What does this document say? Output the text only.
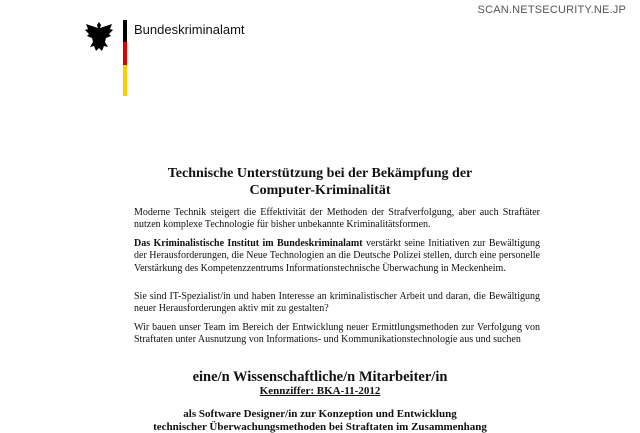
Bundeskriminalamt
SCAN.NETSECURITY.NE.JP
Technische Unterstützung bei der Bekämpfung der
Computer-Kriminalität

Moderne Technik steigert die Effektivität der Methoden der Strafverfolgung, aber auch Straftäter nutzen komplexe Technologie für bisher unbekannte Kriminalitätsformen.

Das Kriminalistische Institut im Bundeskriminalamt verstärkt seine Initiativen zur Bewältigung der Herausforderungen, die Neue Technologien an die Deutsche Polizei stellen, durch eine personelle Verstärkung des Kompetenzzentrums Informationstechnische Überwachung in Meckenheim.

Sie sind IT-Spezialist/in und haben Interesse an kriminalistischer Arbeit und daran, die Bewältigung neuer Herausforderungen aktiv mit zu gestalten?

Wir bauen unser Team im Bereich der Entwicklung neuer Ermittlungsmethoden zur Verfolgung von Straftaten unter Ausnutzung von Informations- und Kommunikationstechnologie aus und suchen

eine/n Wissenschaftliche/n Mitarbeiter/in
Kennziffer: BKA-11-2012
als Software Designer/in zur Konzeption und Entwicklung
technischer Überwachungsmethoden bei Straftaten im Zusammenhang
